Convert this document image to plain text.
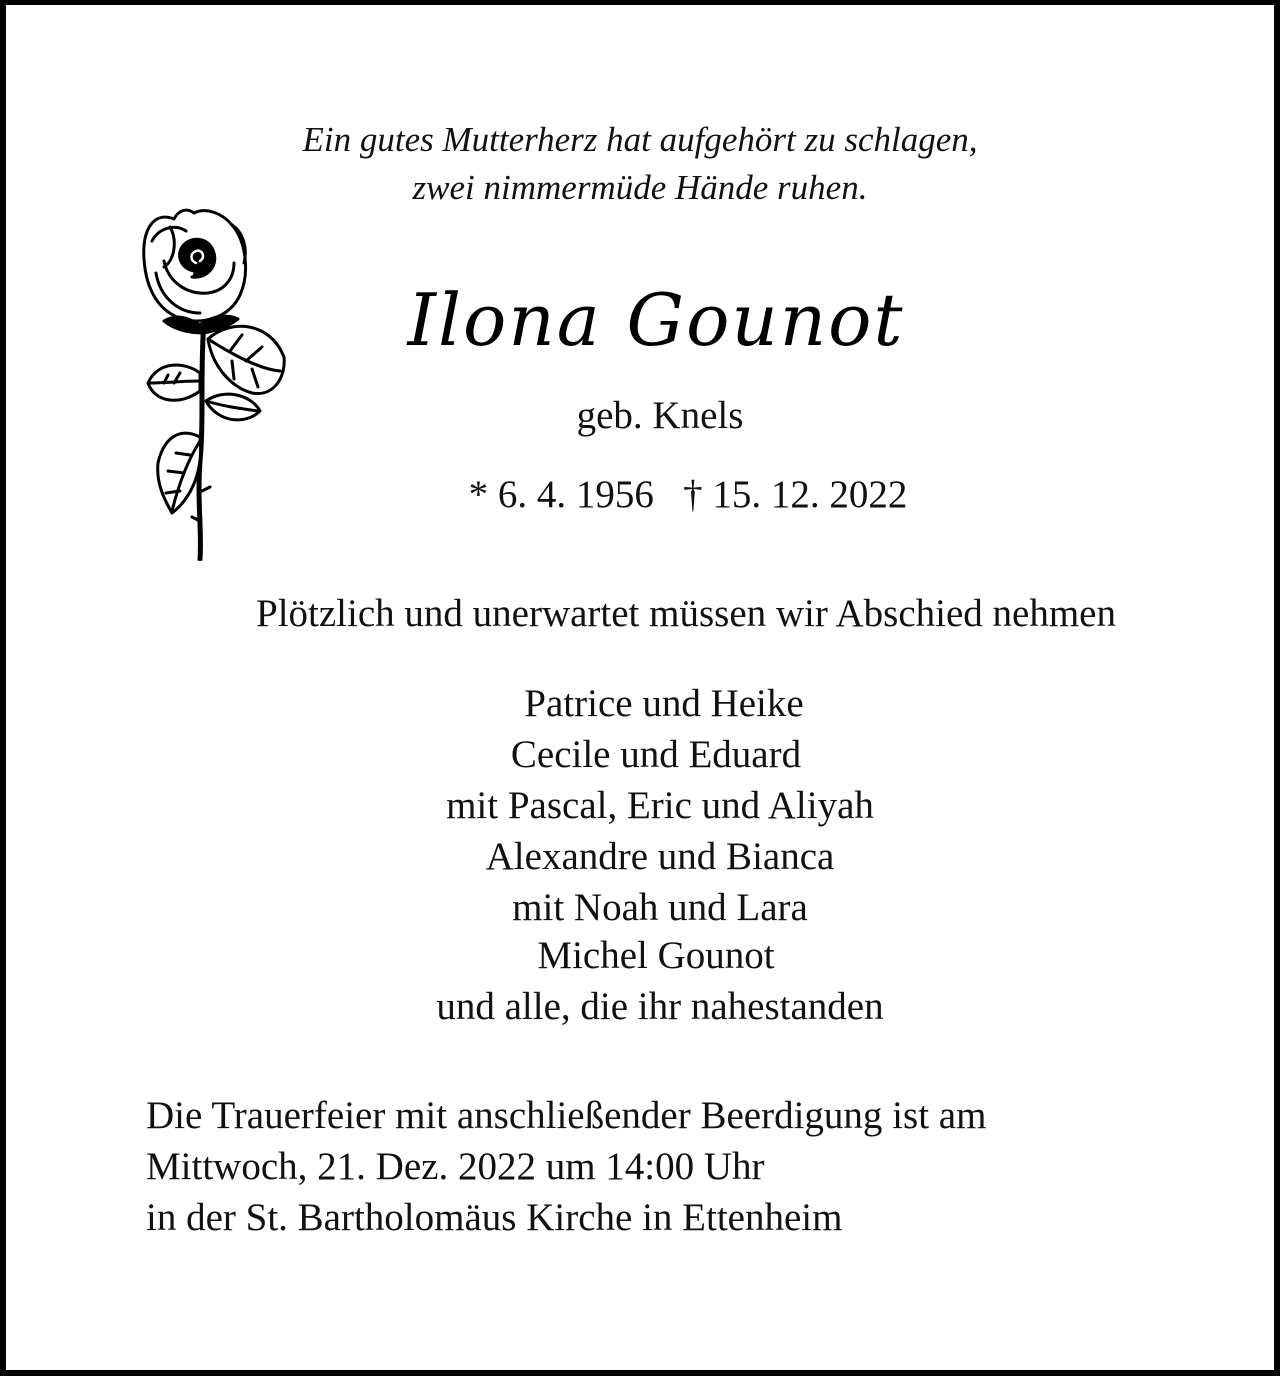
Ein gutes Mutterherz hat aufgehört zu schlagen,
zwei nimmermüde Hände ruhen.
Ilona Gounot
geb. Knels
* 6. 4. 1956   † 15. 12. 2022
Plötzlich und unerwartet müssen wir Abschied nehmen
Patrice und Heike
Cecile und Eduard
mit Pascal, Eric und Aliyah
Alexandre und Bianca
mit Noah und Lara
Michel Gounot
und alle, die ihr nahestanden
Die Trauerfeier mit anschließender Beerdigung ist am
Mittwoch, 21. Dez. 2022 um 14:00 Uhr
in der St. Bartholomäus Kirche in Ettenheim
